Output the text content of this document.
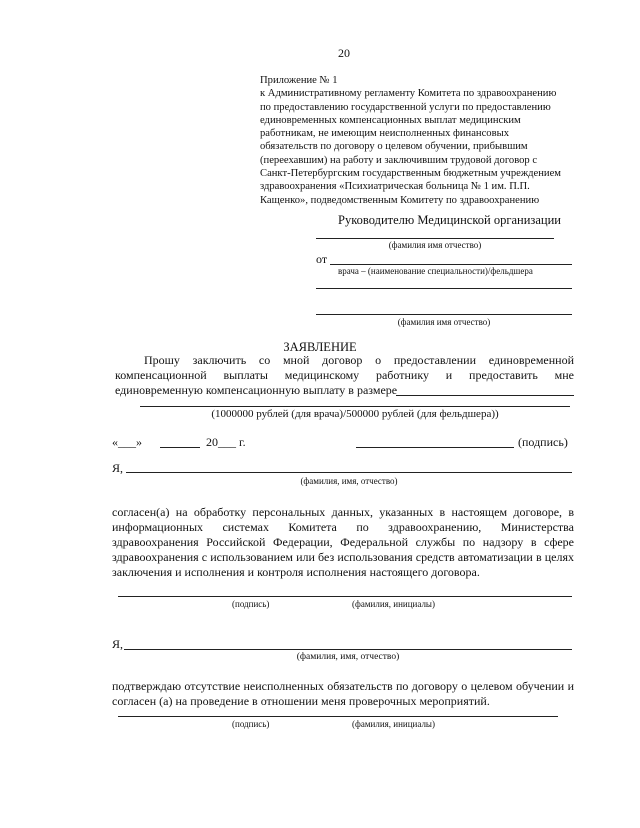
20
Приложение № 1
к Административному регламенту Комитета по здравоохранению
по предоставлению государственной услуги по предоставлению
единовременных компенсационных выплат медицинским
работникам, не имеющим неисполненных финансовых
обязательств по договору о целевом обучении, прибывшим
(переехавшим) на работу и заключившим трудовой договор с
Санкт-Петербургским государственным бюджетным учреждением
здравоохранения «Психиатрическая больница № 1 им. П.П.
Кащенко», подведомственным Комитету по здравоохранению
Руководителю Медицинской организации
(фамилия имя отчество)
от
врача – (наименование специальности)/фельдшера
(фамилия имя отчество)
ЗАЯВЛЕНИЕ
Прошу заключить со мной договор о предоставлении единовременной
компенсационной выплаты медицинскому работнику и предоставить мне
единовременную компенсационную выплату в размере
(1000000 рублей (для врача)/500000 рублей (для фельдшера))
«___»	20___ г.	(подпись)
Я,
(фамилия, имя, отчество)
согласен(а) на обработку персональных данных, указанных в настоящем договоре, в
информационных системах Комитета по здравоохранению, Министерства
здравоохранения Российской Федерации, Федеральной службы по надзору в сфере
здравоохранения с использованием или без использования средств автоматизации в целях
заключения и исполнения и контроля исполнения настоящего договора.
(подпись)	(фамилия, инициалы)
Я,
(фамилия, имя, отчество)
подтверждаю отсутствие неисполненных обязательств по договору о целевом обучении и
согласен (а) на проведение в отношении меня проверочных мероприятий.
(подпись)	(фамилия, инициалы)
